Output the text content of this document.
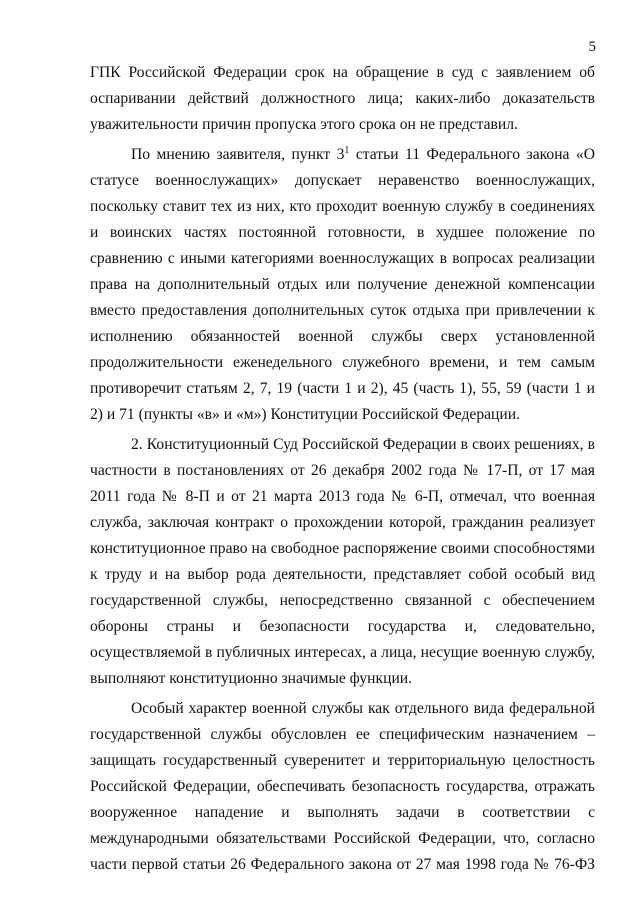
5
ГПК Российской Федерации срок на обращение в суд с заявлением об
оспаривании действий должностного лица; каких-либо доказательств
уважительности причин пропуска этого срока он не представил.
По мнению заявителя, пункт $3^1$ статьи 11 Федерального закона «О
статусе военнослужащих» допускает неравенство военнослужащих,
поскольку ставит тех из них, кто проходит военную службу в соединениях
и воинских частях постоянной готовности, в худшее положение по
сравнению с иными категориями военнослужащих в вопросах реализации
права на дополнительный отдых или получение денежной компенсации
вместо предоставления дополнительных суток отдыха при привлечении к
исполнению обязанностей военной службы сверх установленной
продолжительности еженедельного служебного времени, и тем самым
противоречит статьям 2, 7, 19 (части 1 и 2), 45 (часть 1), 55, 59 (части 1 и
2) и 71 (пункты «в» и «м») Конституции Российской Федерации.
2. Конституционный Суд Российской Федерации в своих решениях, в
частности в постановлениях от 26 декабря 2002 года № 17-П, от 17 мая
2011 года № 8-П и от 21 марта 2013 года № 6-П, отмечал, что военная
служба, заключая контракт о прохождении которой, гражданин реализует
конституционное право на свободное распоряжение своими способностями
к труду и на выбор рода деятельности, представляет собой особый вид
государственной службы, непосредственно связанной с обеспечением
обороны страны и безопасности государства и, следовательно,
осуществляемой в публичных интересах, а лица, несущие военную службу,
выполняют конституционно значимые функции.
Особый характер военной службы как отдельного вида федеральной
государственной службы обусловлен ее специфическим назначением –
защищать государственный суверенитет и территориальную целостность
Российской Федерации, обеспечивать безопасность государства, отражать
вооруженное нападение и выполнять задачи в соответствии с
международными обязательствами Российской Федерации, что, согласно
части первой статьи 26 Федерального закона от 27 мая 1998 года № 76-ФЗ
